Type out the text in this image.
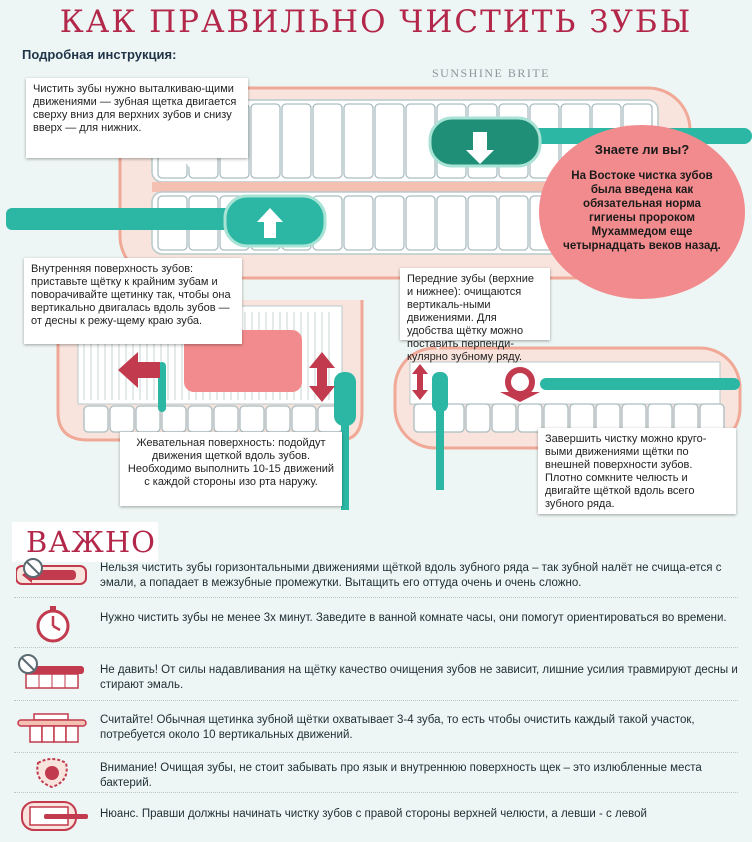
КАК ПРАВИЛЬНО ЧИСТИТЬ ЗУБЫ
Подробная инструкция:
SUNSHINE BRITE
Чистить зубы нужно выталкиваю-щими движениями — зубная щетка двигается сверху вниз для верхних зубов и снизу вверх — для нижних.
Внутренняя поверхность зубов: приставьте щётку к крайним зубам и поворачивайте щетинку так, чтобы она вертикально двигалась вдоль зубов — от десны к режу-щему краю зуба.
Передние зубы (верхние и нижнее): очищаются вертикаль-ными движениями. Для удобства щётку можно поставить перпенди-кулярно зубному ряду.
Жевательная поверхность: подойдут движения щеткой вдоль зубов. Необходимо выполнить 10-15 движений с каждой стороны изо рта наружу.
Завершить чистку можно круго-выми движениями щётки по внешней поверхности зубов. Плотно сомкните челюсть и двигайте щёткой вдоль всего зубного ряда.
Знаете ли вы?
На Востоке чистка зубов была введена как обязательная норма гигиены пророком Мухаммедом еще четырнадцать веков назад.
ВАЖНО
Нельзя чистить зубы горизонтальными движениями щёткой вдоль зубного ряда – так зубной налёт не счища-ется с эмали, а попадает в межзубные промежутки. Вытащить его оттуда очень и очень сложно.
Нужно чистить зубы не менее 3х минут. Заведите в ванной комнате часы, они помогут ориентироваться во времени.
Не давить! От силы надавливания на щётку качество очищения зубов не зависит, лишние усилия травмируют десны и стирают эмаль.
Считайте! Обычная щетинка зубной щётки охватывает 3-4 зуба, то есть чтобы очистить каждый такой участок, потребуется около 10 вертикальных движений.
Внимание! Очищая зубы, не стоит забывать про язык и внутреннюю поверхность щек – это излюбленные места бактерий.
Нюанс. Правши должны начинать чистку зубов с правой стороны верхней челюсти, а левши - с левой
